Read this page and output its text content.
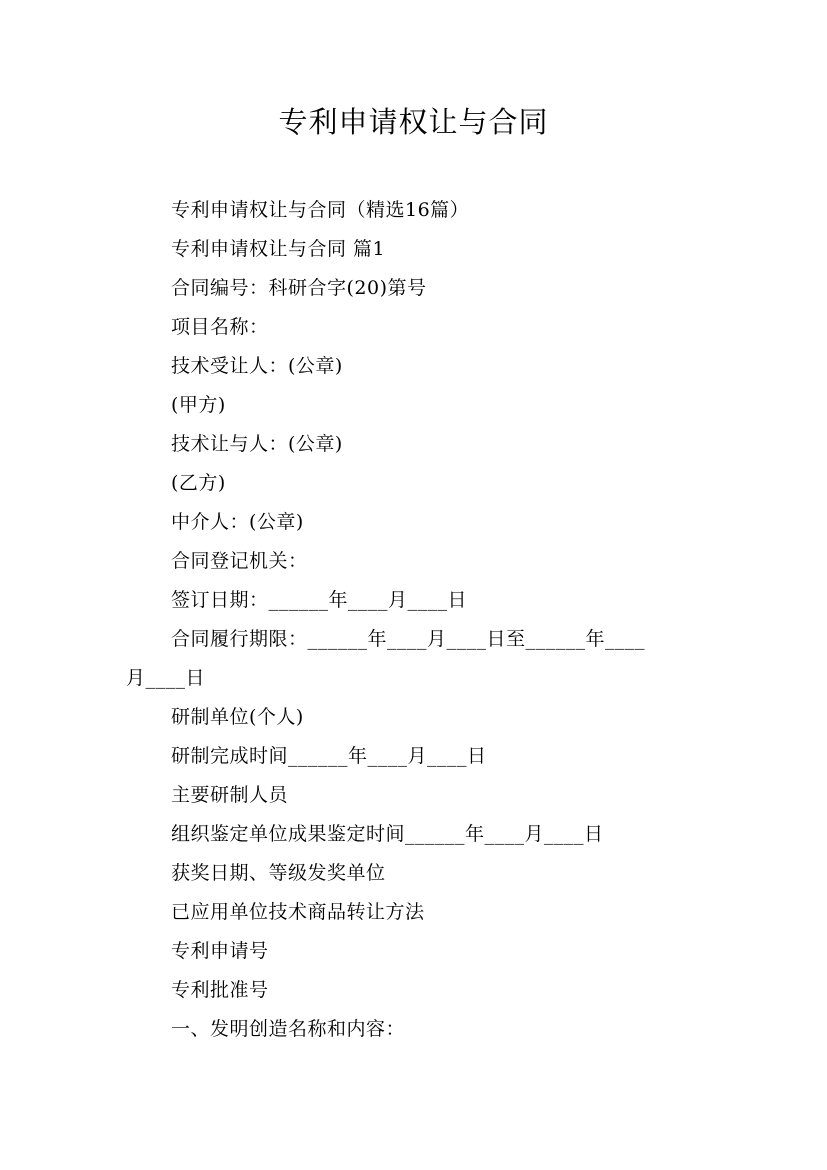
专利申请权让与合同
专利申请权让与合同（精选16篇）
专利申请权让与合同 篇1
合同编号：科研合字(20)第号
项目名称：
技术受让人：(公章)
(甲方)
技术让与人：(公章)
(乙方)
中介人：(公章)
合同登记机关：
签订日期：______年____月____日
合同履行期限：______年____月____日至______年____
月____日
研制单位(个人)
研制完成时间______年____月____日
主要研制人员
组织鉴定单位成果鉴定时间______年____月____日
获奖日期、等级发奖单位
已应用单位技术商品转让方法
专利申请号
专利批准号
一、发明创造名称和内容：
